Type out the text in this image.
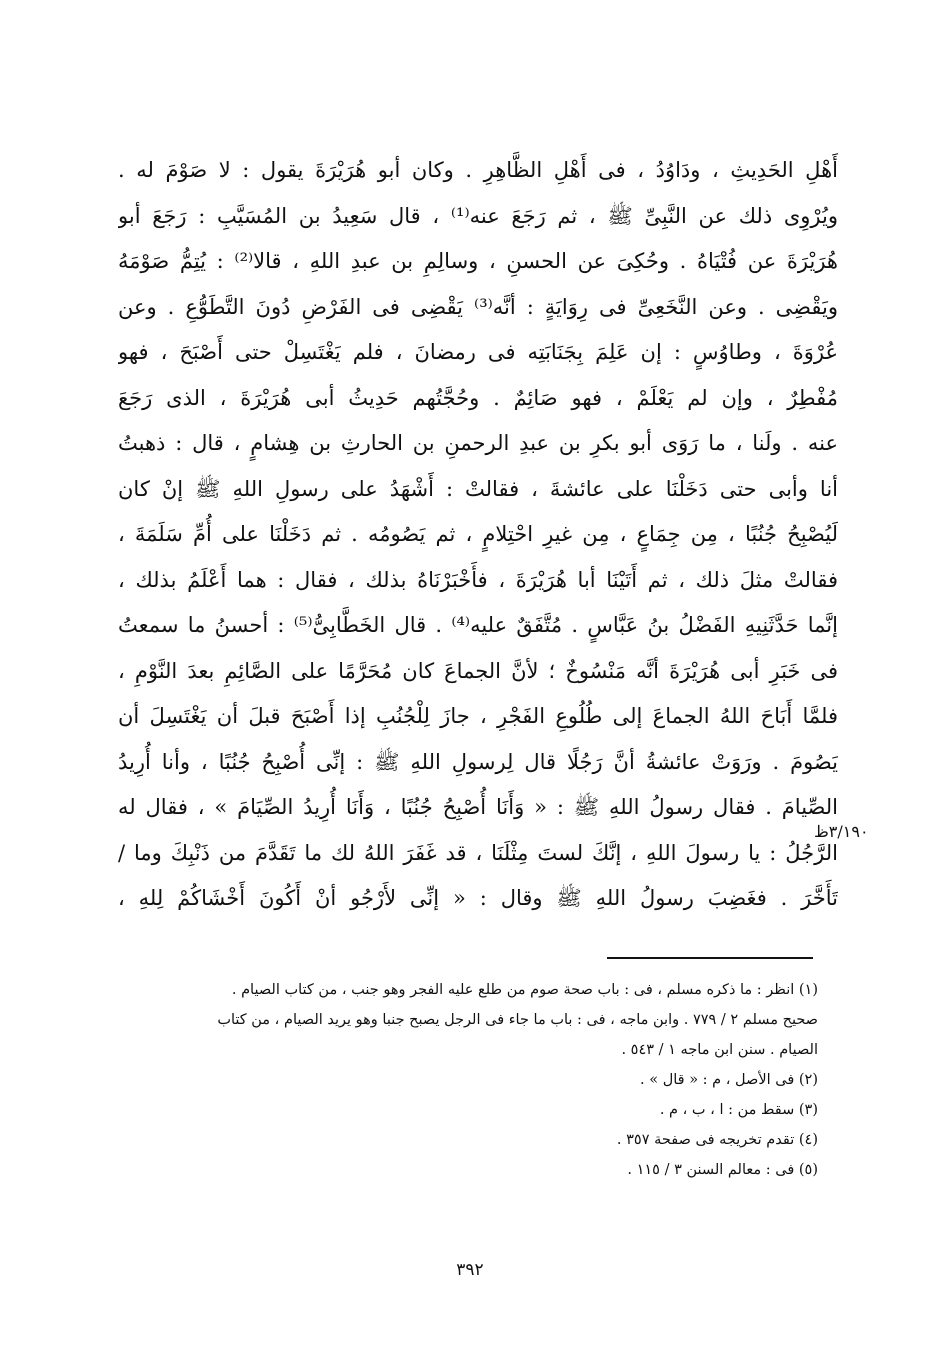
أَهْلِ الحَدِيثِ ، ودَاوُدُ ، فى أَهْلِ الظَّاهِرِ . وكان أبو هُرَيْرَةَ يقول : لا صَوْمَ له .
ويُرْوِى ذلك عن النَّبِىِّ ﷺ ، ثم رَجَعَ عنه⁽¹⁾ ، قال سَعِيدُ بن المُسَيَّبِ : رَجَعَ أبو
هُرَيْرَةَ عن فُتْيَاهُ . وحُكِىَ عن الحسنِ ، وسالِمِ بن عبدِ اللهِ ، قالا⁽²⁾ : يُتِمُّ صَوْمَهُ
ويَقْضِى . وعن النَّخَعِىِّ فى رِوَايَةٍ : أنَّه⁽³⁾ يَقْضِى فى الفَرْضِ دُونَ التَّطَوُّعِ . وعن
عُرْوَةَ ، وطاوُسٍ : إن عَلِمَ بِجَنَابَتِه فى رمضانَ ، فلم يَغْتَسِلْ حتى أَصْبَحَ ، فهو
مُفْطِرٌ ، وإن لم يَعْلَمْ ، فهو صَائِمٌ . وحُجَّتُهم حَدِيثُ أبى هُرَيْرَةَ ، الذى رَجَعَ
عنه . ولَنا ، ما رَوَى أبو بكرِ بن عبدِ الرحمنِ بن الحارثِ بن هِشامٍ ، قال : ذهبتُ
أنا وأبى حتى دَخَلْنَا على عائشةَ ، فقالتْ : أَشْهَدُ على رسولِ اللهِ ﷺ إنْ كان
لَيُصْبِحُ جُنُبًا ، مِن جِمَاعٍ ، مِن غيرِ احْتِلامٍ ، ثم يَصُومُه . ثم دَخَلْنَا على أُمِّ سَلَمَةَ ،
فقالتْ مثلَ ذلك ، ثم أَتَيْنَا أبا هُرَيْرَةَ ، فأَخْبَرْنَاهُ بذلك ، فقال : هما أَعْلَمُ بذلك ،
إنَّما حَدَّثَنِيهِ الفَضْلُ بنُ عَبَّاسٍ . مُتَّفَقٌ عليه⁽⁴⁾ . قال الخَطَّابِىُّ⁽⁵⁾ : أحسنُ ما سمعتُ
فى خَبَرِ أبى هُرَيْرَةَ أنَّه مَنْسُوخٌ ؛ لأنَّ الجماعَ كان مُحَرَّمًا على الصَّائِمِ بعدَ النَّوْمِ ،
فلمَّا أَبَاحَ اللهُ الجماعَ إلى طُلُوعِ الفَجْرِ ، جازَ لِلْجُنُبِ إذا أَصْبَحَ قبلَ أن يَغْتَسِلَ أن
يَصُومَ . ورَوَتْ عائشةُ أنَّ رَجُلًا قال لِرسولِ اللهِ ﷺ : إنِّى أُصْبِحُ جُنُبًا ، وأنا أُرِيدُ
الصِّيامَ . فقال رسولُ اللهِ ﷺ : « وَأَنَا أُصْبِحُ جُنُبًا ، وَأَنَا أُرِيدُ الصِّيَامَ » ، فقال له
الرَّجُلُ : يا رسولَ اللهِ ، إنَّكَ لستَ مِثْلَنَا ، قد غَفَرَ اللهُ لك ما تَقَدَّمَ من ذَنْبِكَ وما /
تَأَخَّرَ . فغَضِبَ رسولُ اللهِ ﷺ وقال : « إنِّى لأَرْجُو أنْ أَكُونَ أَخْشَاكُمْ لِلهِ ،
٣/١٩٠ظ
(١) انظر : ما ذكره مسلم ، فى : باب صحة صوم من طلع عليه الفجر وهو جنب ، من كتاب الصيام .
صحيح مسلم ٢ / ٧٧٩ . وابن ماجه ، فى : باب ما جاء فى الرجل يصبح جنبا وهو يريد الصيام ، من كتاب
الصيام . سنن ابن ماجه ١ / ٥٤٣ .
(٢) فى الأصل ، م : « قال » .
(٣) سقط من : ا ، ب ، م .
(٤) تقدم تخريجه فى صفحة ٣٥٧ .
(٥) فى : معالم السنن ٣ / ١١٥ .
٣٩٢
